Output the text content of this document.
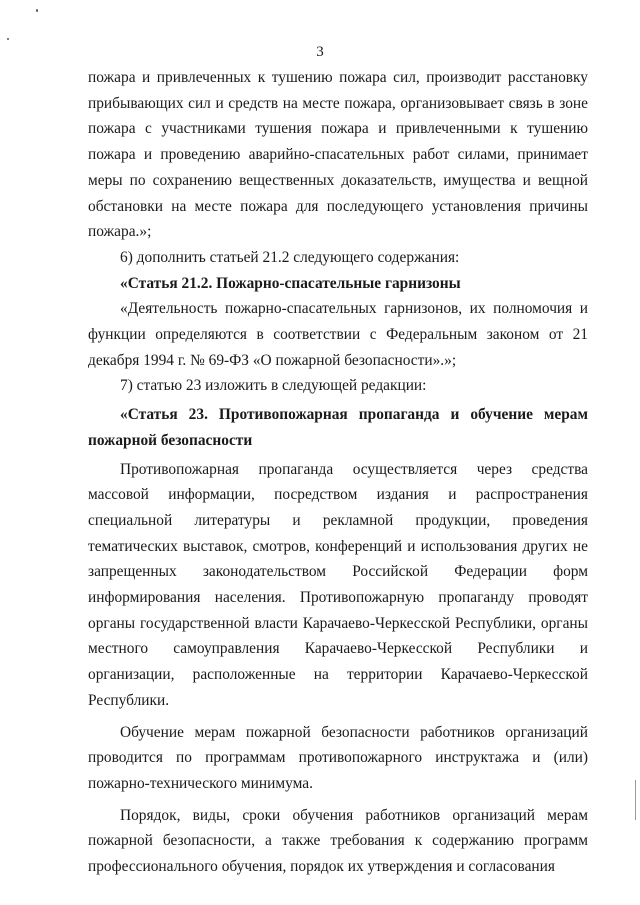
3

пожара и привлеченных к тушению пожара сил, производит расстановку прибывающих сил и средств на месте пожара, организовывает связь в зоне пожара с участниками тушения пожара и привлеченными к тушению пожара и проведению аварийно-спасательных работ силами, принимает меры по сохранению вещественных доказательств, имущества и вещной обстановки на месте пожара для последующего установления причины пожара.»;

6) дополнить статьей 21.2 следующего содержания:

«Статья 21.2. Пожарно-спасательные гарнизоны

«Деятельность пожарно-спасательных гарнизонов, их полномочия и функции определяются в соответствии с Федеральным законом от 21 декабря 1994 г. № 69-ФЗ «О пожарной безопасности».»;

7) статью 23 изложить в следующей редакции:

«Статья 23. Противопожарная пропаганда и обучение мерам пожарной безопасности

Противопожарная пропаганда осуществляется через средства массовой информации, посредством издания и распространения специальной литературы и рекламной продукции, проведения тематических выставок, смотров, конференций и использования других не запрещенных законодательством Российской Федерации форм информирования населения. Противопожарную пропаганду проводят органы государственной власти Карачаево-Черкесской Республики, органы местного самоуправления Карачаево-Черкесской Республики и организации, расположенные на территории Карачаево-Черкесской Республики.

Обучение мерам пожарной безопасности работников организаций проводится по программам противопожарного инструктажа и (или) пожарно-технического минимума.

Порядок, виды, сроки обучения работников организаций мерам пожарной безопасности, а также требования к содержанию программ профессионального обучения, порядок их утверждения и согласования
